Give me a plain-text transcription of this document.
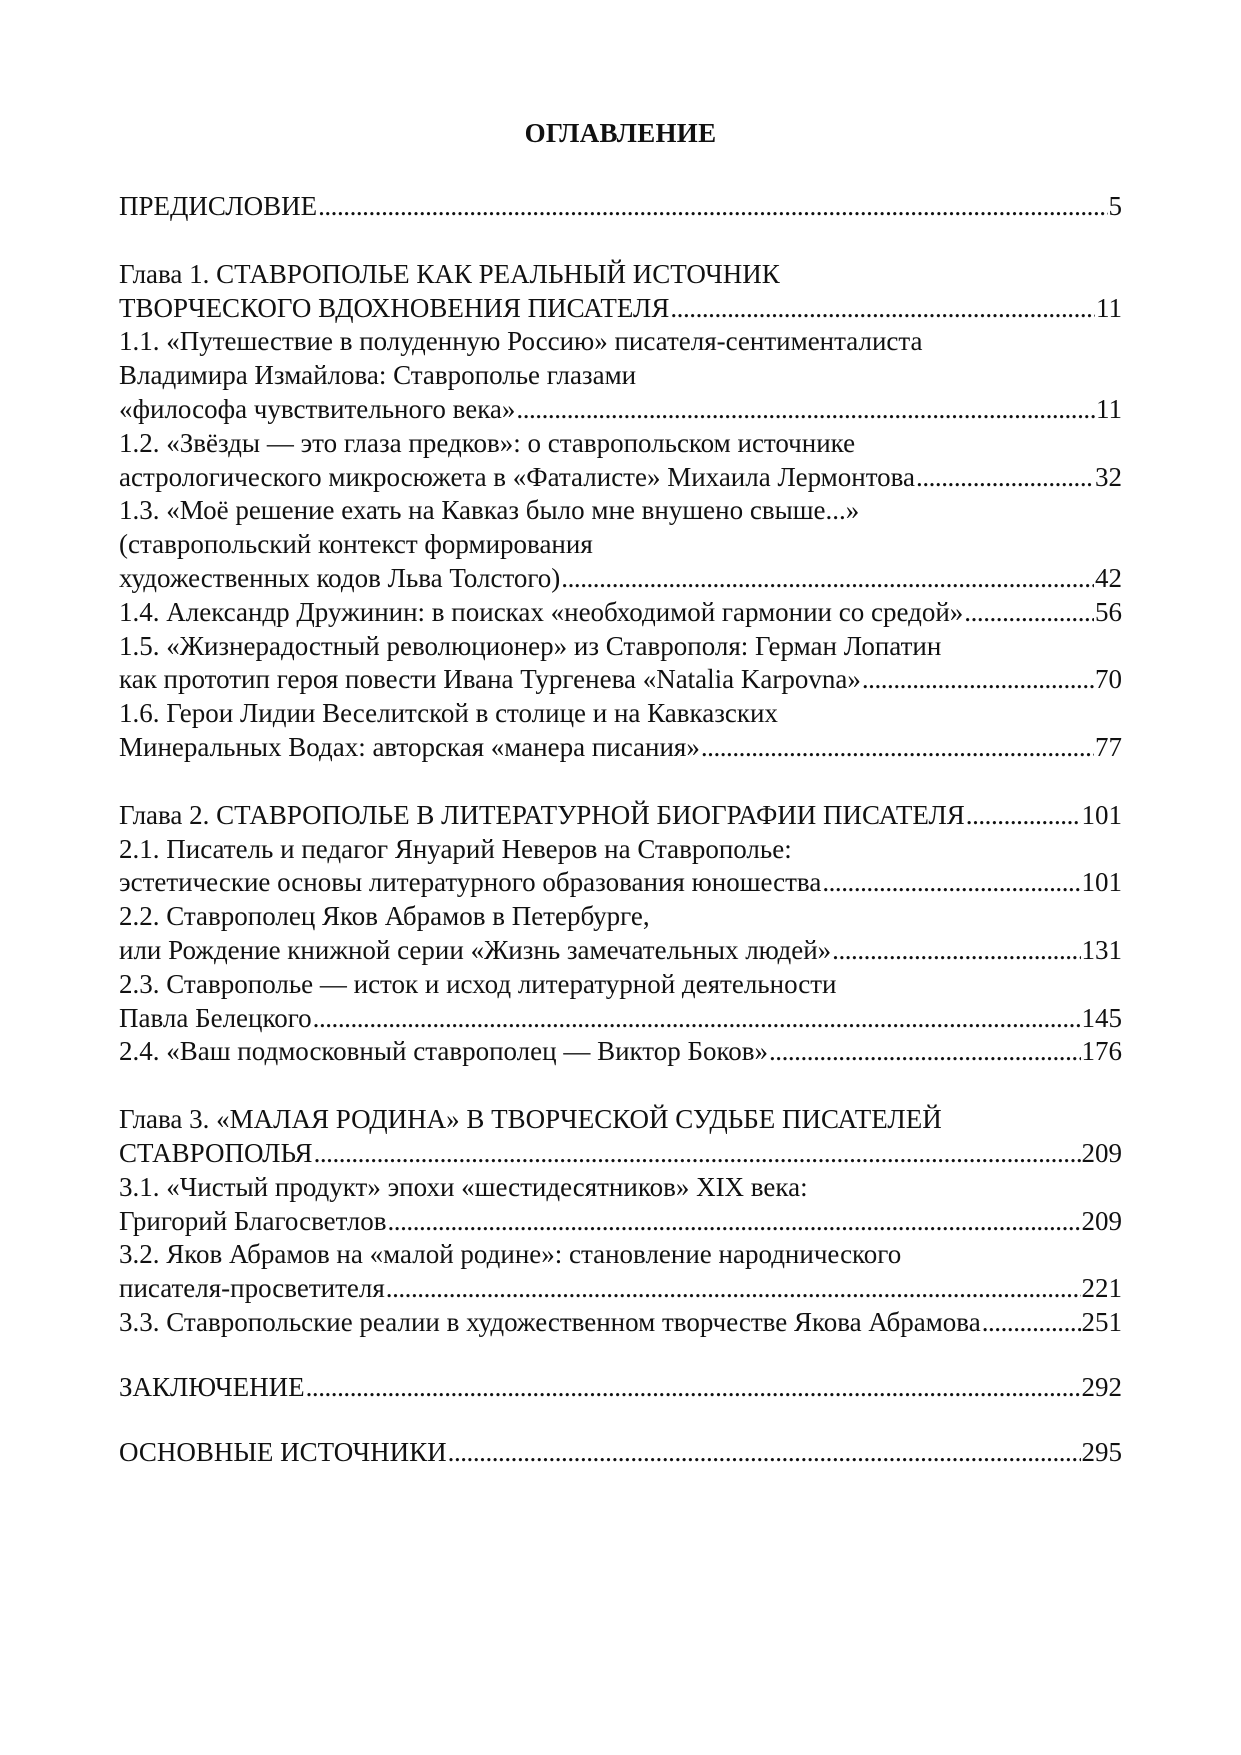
ОГЛАВЛЕНИЕ
ПРЕДИСЛОВИЕ . . .	5
Глава 1. СТАВРОПОЛЬЕ КАК РЕАЛЬНЫЙ ИСТОЧНИК
ТВОРЧЕСКОГО ВДОХНОВЕНИЯ ПИСАТЕЛЯ . . .	11
1.1. «Путешествие в полуденную Россию» писателя-сентименталиста
Владимира Измайлова: Ставрополье глазами
«философа чувствительного века» . . .	11
1.2. «Звёзды — это глаза предков»: о ставропольском источнике
астрологического микросюжета в «Фаталисте» Михаила Лермонтова . . .	32
1.3. «Моё решение ехать на Кавказ было мне внушено свыше...»
(ставропольский контекст формирования
художественных кодов Льва Толстого) . . .	42
1.4. Александр Дружинин: в поисках «необходимой гармонии со средой» . . .	56
1.5. «Жизнерадостный революционер» из Ставрополя: Герман Лопатин
как прототип героя повести Ивана Тургенева «Natalia Karpovna» . . .	70
1.6. Герои Лидии Веселитской в столице и на Кавказских
Минеральных Водах: авторская «манера писания» . . .	77
Глава 2. СТАВРОПОЛЬЕ В ЛИТЕРАТУРНОЙ БИОГРАФИИ ПИСАТЕЛЯ . . .	101
2.1. Писатель и педагог Януарий Неверов на Ставрополье:
эстетические основы литературного образования юношества . . .	101
2.2. Ставрополец Яков Абрамов в Петербурге,
или Рождение книжной серии «Жизнь замечательных людей» . . .	131
2.3. Ставрополье — исток и исход литературной деятельности
Павла Белецкого . . .	145
2.4. «Ваш подмосковный ставрополец — Виктор Боков» . . .	176
Глава 3. «МАЛАЯ РОДИНА» В ТВОРЧЕСКОЙ СУДЬБЕ ПИСАТЕЛЕЙ
СТАВРОПОЛЬЯ . . .	209
3.1. «Чистый продукт» эпохи «шестидесятников» XIX века:
Григорий Благосветлов . . .	209
3.2. Яков Абрамов на «малой родине»: становление народнического
писателя-просветителя . . .	221
3.3. Ставропольские реалии в художественном творчестве Якова Абрамова . . .	251
ЗАКЛЮЧЕНИЕ . . .	292
ОСНОВНЫЕ ИСТОЧНИКИ . . .	295
